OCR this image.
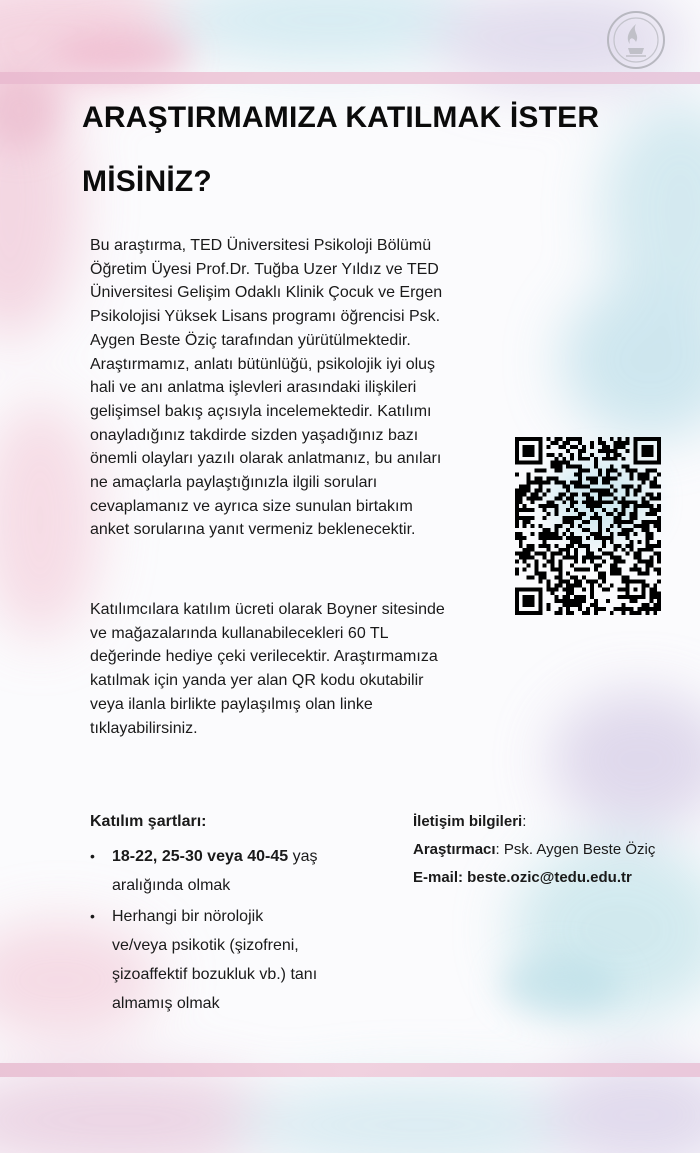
ARAŞTIRMAMIZA KATILMAK İSTER
MİSİNİZ?

Bu araştırma, TED Üniversitesi Psikoloji Bölümü
Öğretim Üyesi Prof.Dr. Tuğba Uzer Yıldız ve TED
Üniversitesi Gelişim Odaklı Klinik Çocuk ve Ergen
Psikolojisi Yüksek Lisans programı öğrencisi Psk.
Aygen Beste Öziç tarafından yürütülmektedir.
Araştırmamız, anlatı bütünlüğü, psikolojik iyi oluş
hali ve anı anlatma işlevleri arasındaki ilişkileri
gelişimsel bakış açısıyla incelemektedir. Katılımı
onayladığınız takdirde sizden yaşadığınız bazı
önemli olayları yazılı olarak anlatmanız, bu anıları
ne amaçlarla paylaştığınızla ilgili soruları
cevaplamanız ve ayrıca size sunulan birtakım
anket sorularına yanıt vermeniz beklenecektir.

Katılımcılara katılım ücreti olarak Boyner sitesinde
ve mağazalarında kullanabilecekleri 60 TL
değerinde hediye çeki verilecektir. Araştırmamıza
katılmak için yanda yer alan QR kodu okutabilir
veya ilanla birlikte paylaşılmış olan linke
tıklayabilirsiniz.

Katılım şartları:
• 18-22, 25-30 veya 40-45 yaş
aralığında olmak
• Herhangi bir nörolojik
ve/veya psikotik (şizofreni,
şizoaffektif bozukluk vb.) tanı
almamış olmak
İletişim bilgileri:
Araştırmacı: Psk. Aygen Beste Öziç
E-mail: beste.ozic@tedu.edu.tr
